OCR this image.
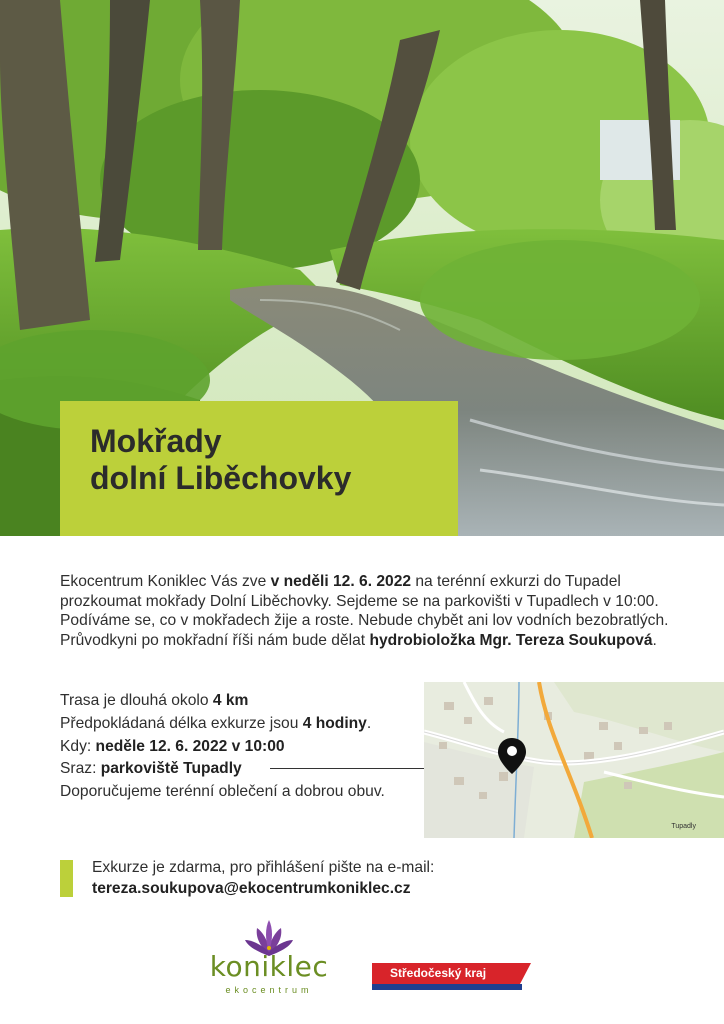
Mokřady
dolní Liběchovky
Ekocentrum Koniklec Vás zve v neděli 12. 6. 2022 na terénní exkurzi do Tupadel prozkoumat mokřady Dolní Liběchovky. Sejdeme se na parkovišti v Tupadlech v 10:00. Podíváme se, co v mokřadech žije a roste. Nebude chybět ani lov vodních bezobratlých. Průvodkyni po mokřadní říši nám bude dělat hydrobioložka Mgr. Tereza Soukupová.
Trasa je dlouhá okolo 4 km
Předpokládaná délka exkurze jsou 4 hodiny.
Kdy: neděle 12. 6. 2022 v 10:00
Sraz: parkoviště Tupadly
Doporučujeme terénní oblečení a dobrou obuv.
Tupadly
Exkurze je zdarma, pro přihlášení pište na e-mail:
tereza.soukupova@ekocentrumkoniklec.cz
koniklec
ekocentrum
Středočeský kraj
